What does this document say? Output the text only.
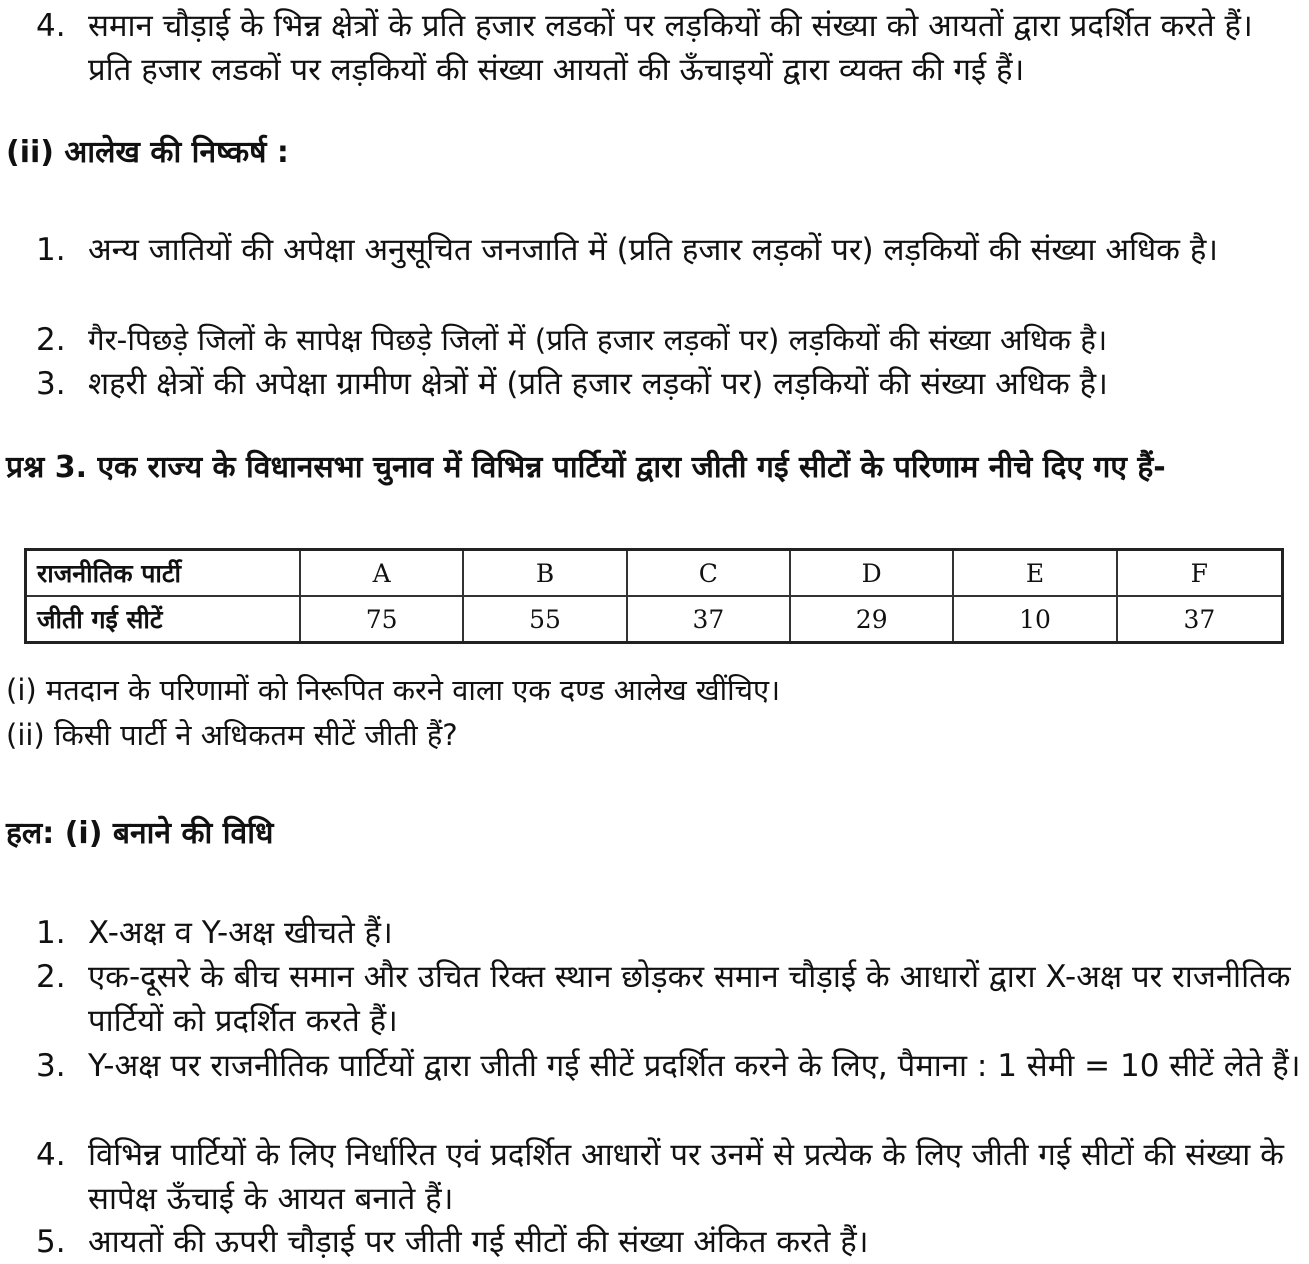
4. समान चौड़ाई के भिन्न क्षेत्रों के प्रति हजार लडकों पर लड़कियों की संख्या को आयतों द्वारा प्रदर्शित करते हैं। प्रति हजार लडकों पर लड़कियों की संख्या आयतों की ऊँचाइयों द्वारा व्यक्त की गई हैं।
(ii) आलेख की निष्कर्ष :
1. अन्य जातियों की अपेक्षा अनुसूचित जनजाति में (प्रति हजार लड़कों पर) लड़कियों की संख्या अधिक है।
2. गैर-पिछड़े जिलों के सापेक्ष पिछड़े जिलों में (प्रति हजार लड़कों पर) लड़कियों की संख्या अधिक है।
3. शहरी क्षेत्रों की अपेक्षा ग्रामीण क्षेत्रों में (प्रति हजार लड़कों पर) लड़कियों की संख्या अधिक है।
प्रश्न 3. एक राज्य के विधानसभा चुनाव में विभिन्न पार्टियों द्वारा जीती गई सीटों के परिणाम नीचे दिए गए हैं-
राजनीतिक पार्टी	A	B	C	D	E	F
जीती गई सीटें	75	55	37	29	10	37
(i) मतदान के परिणामों को निरूपित करने वाला एक दण्ड आलेख खींचिए।
(ii) किसी पार्टी ने अधिकतम सीटें जीती हैं?
हल: (i) बनाने की विधि
1. X-अक्ष व Y-अक्ष खीचते हैं।
2. एक-दूसरे के बीच समान और उचित रिक्त स्थान छोड़कर समान चौड़ाई के आधारों द्वारा X-अक्ष पर राजनीतिक पार्टियों को प्रदर्शित करते हैं।
3. Y-अक्ष पर राजनीतिक पार्टियों द्वारा जीती गई सीटें प्रदर्शित करने के लिए, पैमाना : 1 सेमी = 10 सीटें लेते हैं।
4. विभिन्न पार्टियों के लिए निर्धारित एवं प्रदर्शित आधारों पर उनमें से प्रत्येक के लिए जीती गई सीटों की संख्या के सापेक्ष ऊँचाई के आयत बनाते हैं।
5. आयतों की ऊपरी चौड़ाई पर जीती गई सीटों की संख्या अंकित करते हैं।
